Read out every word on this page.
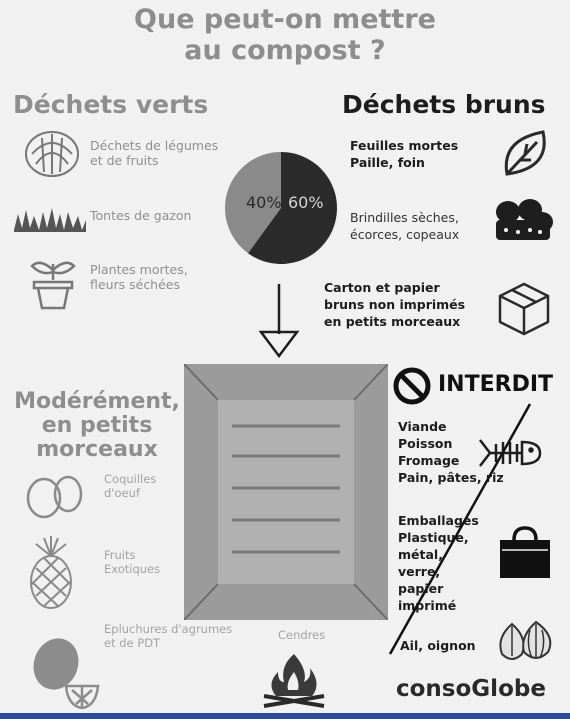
Que peut-on mettre
au compost ?
Déchets verts	Déchets bruns
Déchets de légumes et de fruits
Tontes de gazon
Plantes mortes, fleurs séchées
40% 60%
Feuilles mortes
Paille, foin
Brindilles sèches, écorces, copeaux
Carton et papier bruns non imprimés en petits morceaux
Modérément, en petits morceaux
Coquilles d'oeuf
Fruits Exotiques
Epluchures d'agrumes et de PDT
Cendres
INTERDIT
Viande
Poisson
Fromage
Pain, pâtes, riz
Emballages
Plastique,
métal,
verre,
papier
imprimé
Ail, oignon
consoGlobe
